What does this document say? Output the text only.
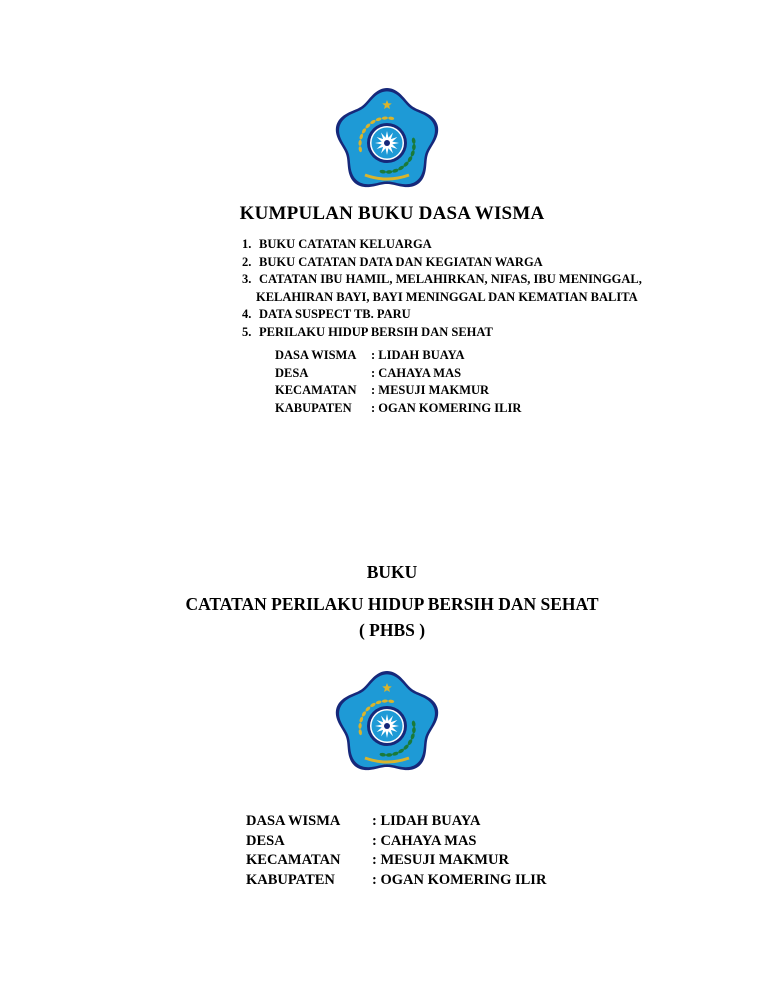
KUMPULAN BUKU DASA WISMA
1. BUKU CATATAN KELUARGA
2. BUKU CATATAN DATA DAN KEGIATAN WARGA
3. CATATAN IBU HAMIL, MELAHIRKAN, NIFAS, IBU MENINGGAL,
KELAHIRAN BAYI, BAYI MENINGGAL DAN KEMATIAN BALITA
4. DATA SUSPECT TB. PARU
5. PERILAKU HIDUP BERSIH DAN SEHAT
DASA WISMA	: LIDAH BUAYA
DESA	: CAHAYA MAS
KECAMATAN	: MESUJI MAKMUR
KABUPATEN	: OGAN KOMERING ILIR
BUKU
CATATAN PERILAKU HIDUP BERSIH DAN SEHAT
( PHBS )
DASA WISMA	: LIDAH BUAYA
DESA	: CAHAYA MAS
KECAMATAN	: MESUJI MAKMUR
KABUPATEN	: OGAN KOMERING ILIR
